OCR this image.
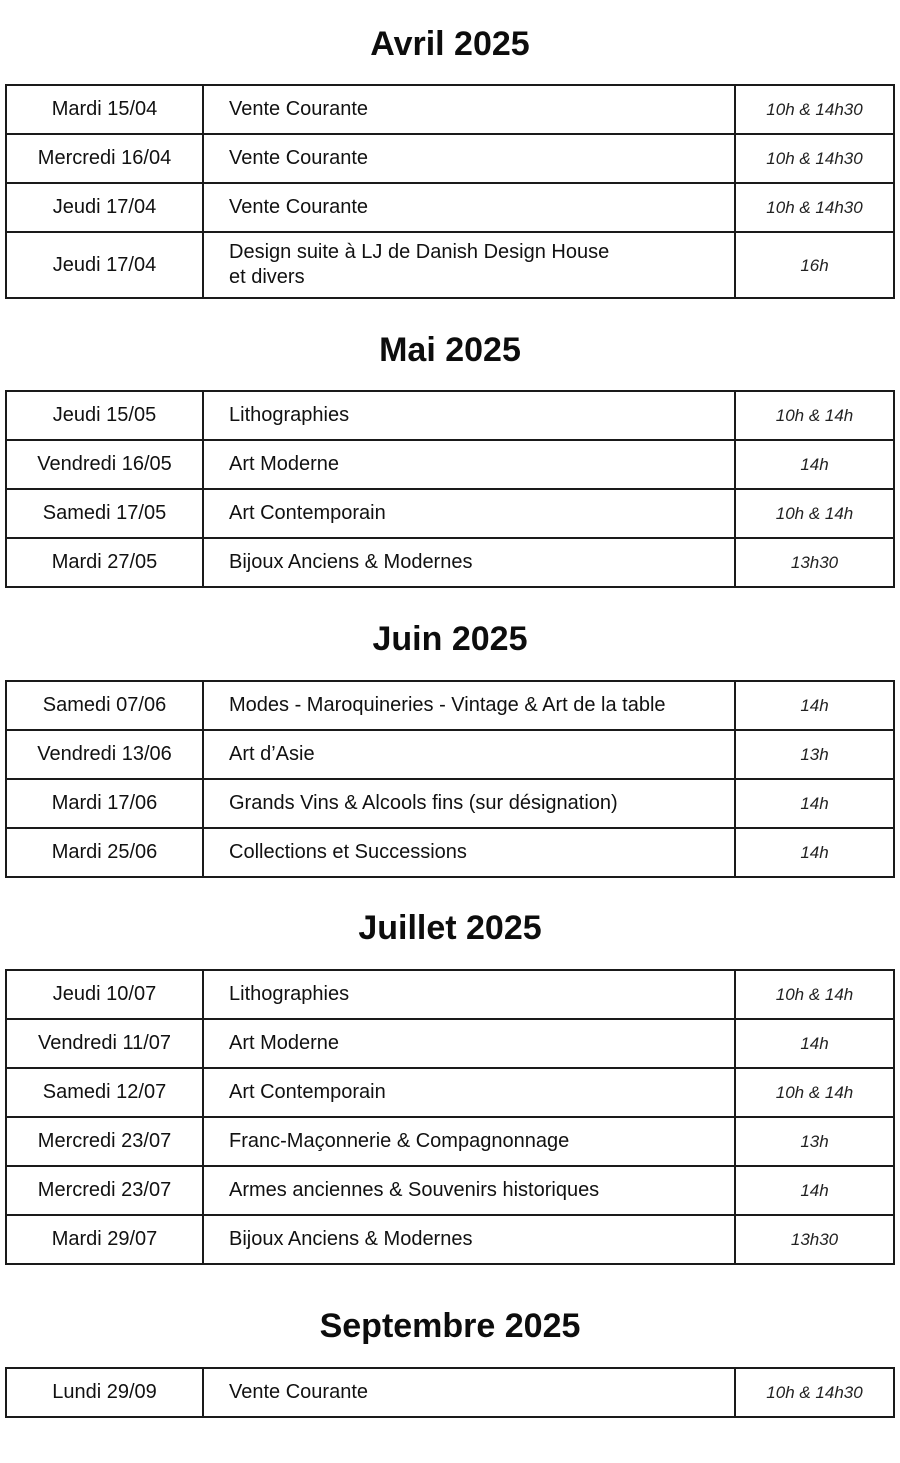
Avril 2025
Mardi 15/04	Vente Courante	10h & 14h30
Mercredi 16/04	Vente Courante	10h & 14h30
Jeudi 17/04	Vente Courante	10h & 14h30
Jeudi 17/04	Design suite à LJ de Danish Design House et divers	16h
Mai 2025
Jeudi 15/05	Lithographies	10h & 14h
Vendredi 16/05	Art Moderne	14h
Samedi 17/05	Art Contemporain	10h & 14h
Mardi 27/05	Bijoux Anciens & Modernes	13h30
Juin 2025
Samedi 07/06	Modes - Maroquineries - Vintage & Art de la table	14h
Vendredi 13/06	Art d’Asie	13h
Mardi 17/06	Grands Vins & Alcools fins (sur désignation)	14h
Mardi 25/06	Collections et Successions	14h
Juillet 2025
Jeudi 10/07	Lithographies	10h & 14h
Vendredi 11/07	Art Moderne	14h
Samedi 12/07	Art Contemporain	10h & 14h
Mercredi 23/07	Franc-Maçonnerie & Compagnonnage	13h
Mercredi 23/07	Armes anciennes & Souvenirs historiques	14h
Mardi 29/07	Bijoux Anciens & Modernes	13h30
Septembre 2025
Lundi 29/09	Vente Courante	10h & 14h30
